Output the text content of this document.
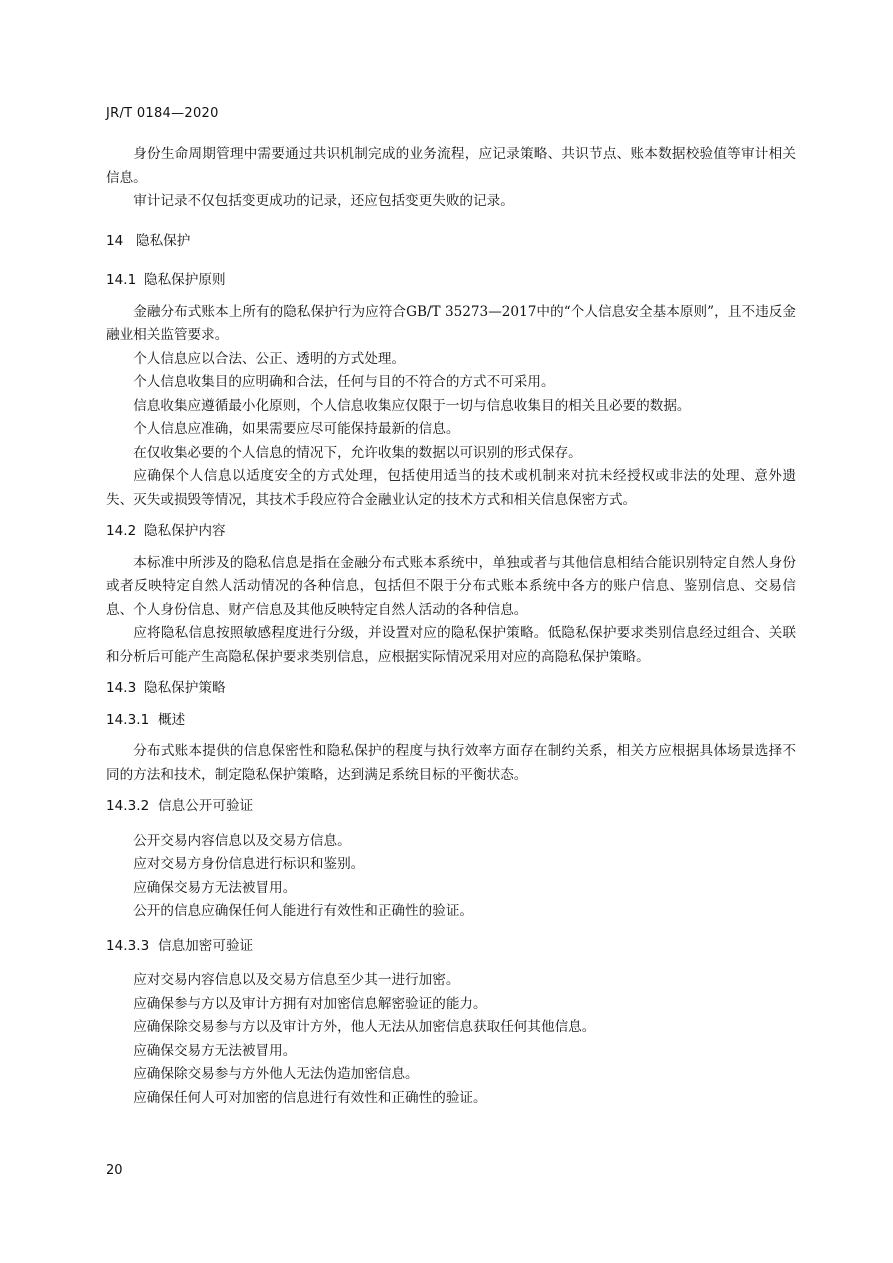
JR/T 0184—2020

身份生命周期管理中需要通过共识机制完成的业务流程，应记录策略、共识节点、账本数据校验值等审计相关信息。

审计记录不仅包括变更成功的记录，还应包括变更失败的记录。

14 隐私保护

14.1 隐私保护原则

金融分布式账本上所有的隐私保护行为应符合GB/T 35273—2017中的“个人信息安全基本原则”，且不违反金融业相关监管要求。

个人信息应以合法、公正、透明的方式处理。

个人信息收集目的应明确和合法，任何与目的不符合的方式不可采用。

信息收集应遵循最小化原则，个人信息收集应仅限于一切与信息收集目的相关且必要的数据。

个人信息应准确，如果需要应尽可能保持最新的信息。

在仅收集必要的个人信息的情况下，允许收集的数据以可识别的形式保存。

应确保个人信息以适度安全的方式处理，包括使用适当的技术或机制来对抗未经授权或非法的处理、意外遗失、灭失或损毁等情况，其技术手段应符合金融业认定的技术方式和相关信息保密方式。

14.2 隐私保护内容

本标准中所涉及的隐私信息是指在金融分布式账本系统中，单独或者与其他信息相结合能识别特定自然人身份或者反映特定自然人活动情况的各种信息，包括但不限于分布式账本系统中各方的账户信息、鉴别信息、交易信息、个人身份信息、财产信息及其他反映特定自然人活动的各种信息。

应将隐私信息按照敏感程度进行分级，并设置对应的隐私保护策略。低隐私保护要求类别信息经过组合、关联和分析后可能产生高隐私保护要求类别信息，应根据实际情况采用对应的高隐私保护策略。

14.3 隐私保护策略

14.3.1 概述

分布式账本提供的信息保密性和隐私保护的程度与执行效率方面存在制约关系，相关方应根据具体场景选择不同的方法和技术，制定隐私保护策略，达到满足系统目标的平衡状态。

14.3.2 信息公开可验证

公开交易内容信息以及交易方信息。

应对交易方身份信息进行标识和鉴别。

应确保交易方无法被冒用。

公开的信息应确保任何人能进行有效性和正确性的验证。

14.3.3 信息加密可验证

应对交易内容信息以及交易方信息至少其一进行加密。

应确保参与方以及审计方拥有对加密信息解密验证的能力。

应确保除交易参与方以及审计方外，他人无法从加密信息获取任何其他信息。

应确保交易方无法被冒用。

应确保除交易参与方外他人无法伪造加密信息。

应确保任何人可对加密的信息进行有效性和正确性的验证。

20
